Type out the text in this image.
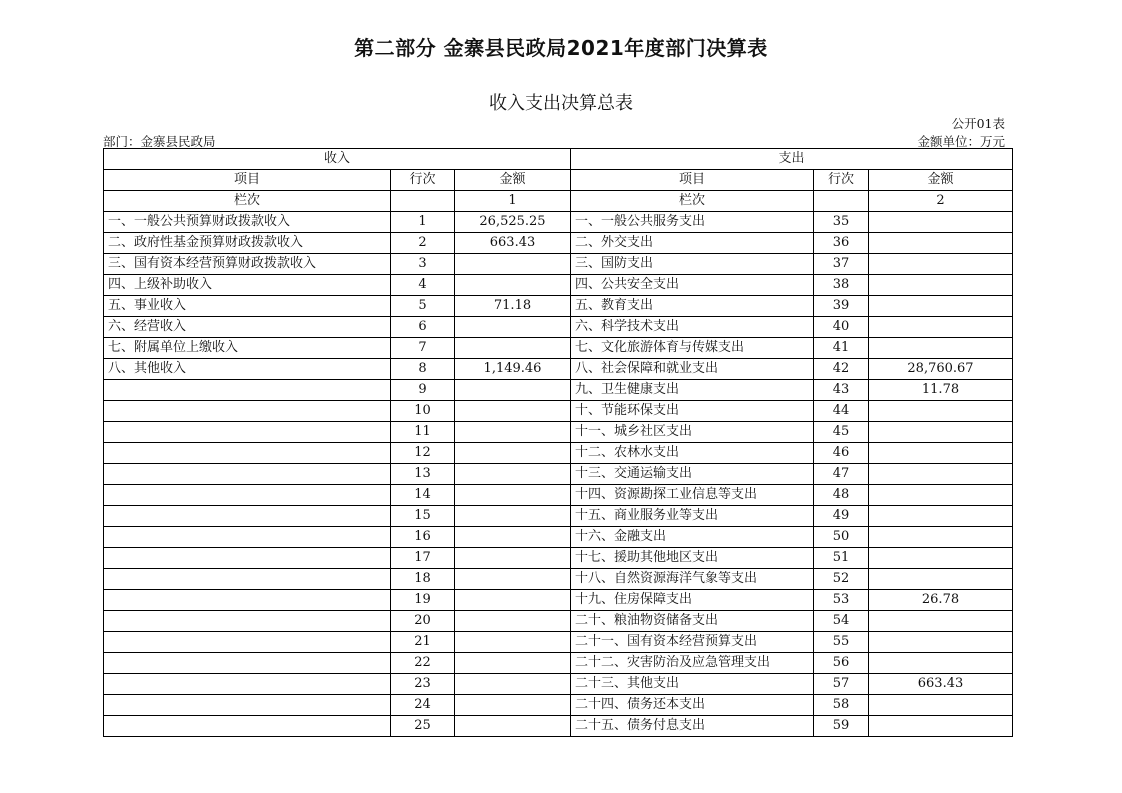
第二部分 金寨县民政局2021年度部门决算表
收入支出决算总表
公开01表
部门：金寨县民政局	金额单位：万元
收入			支出		
项目	行次	金额	项目	行次	金额
栏次		1	栏次		2
一、一般公共预算财政拨款收入	1	26,525.25	一、一般公共服务支出	35	
二、政府性基金预算财政拨款收入	2	663.43	二、外交支出	36	
三、国有资本经营预算财政拨款收入	3		三、国防支出	37	
四、上级补助收入	4		四、公共安全支出	38	
五、事业收入	5	71.18	五、教育支出	39	
六、经营收入	6		六、科学技术支出	40	
七、附属单位上缴收入	7		七、文化旅游体育与传媒支出	41	
八、其他收入	8	1,149.46	八、社会保障和就业支出	42	28,760.67
	9		九、卫生健康支出	43	11.78
	10		十、节能环保支出	44	
	11		十一、城乡社区支出	45	
	12		十二、农林水支出	46	
	13		十三、交通运输支出	47	
	14		十四、资源勘探工业信息等支出	48	
	15		十五、商业服务业等支出	49	
	16		十六、金融支出	50	
	17		十七、援助其他地区支出	51	
	18		十八、自然资源海洋气象等支出	52	
	19		十九、住房保障支出	53	26.78
	20		二十、粮油物资储备支出	54	
	21		二十一、国有资本经营预算支出	55	
	22		二十二、灾害防治及应急管理支出	56	
	23		二十三、其他支出	57	663.43
	24		二十四、债务还本支出	58	
	25		二十五、债务付息支出	59	
